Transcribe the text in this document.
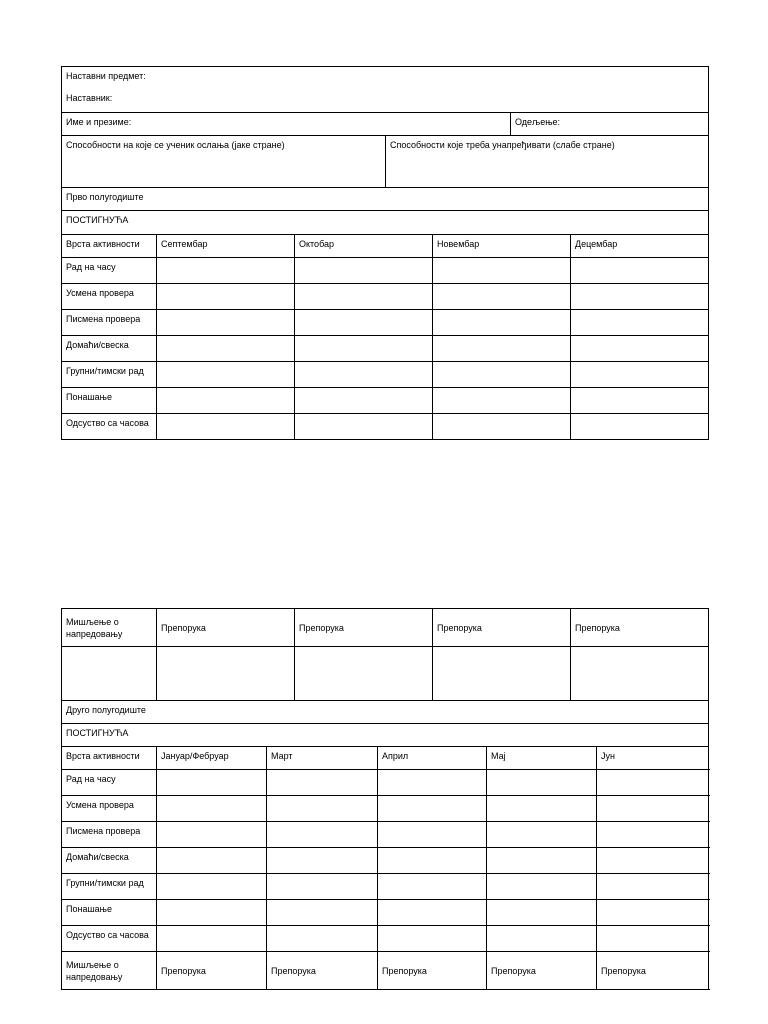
Наставни предмет:
Наставник:						

Име и презиме:					Одељење:	
Способности на које се ученик ослања (јаке стране)			Способности које треба унапређивати (слабе стране)			
Прво полугодиште						
ПОСТИГНУЋА						
Врста активности	Септембар	Октобар		Новембар		Децембар
Рад на часу						
Усмена провера						
Писмена провера						
Домаћи/свеска						
Групни/тимски рад						
Понашање						
Одсуство са часова						
Мишљење о напредовању	Препорука		Препорука		Препорука		Препорука	

Друго полугодиште								
ПОСТИГНУЋА								
Врста активности	Јануар/Фебруар	Март		Април		Мај		Јун
Рад на часу								
Усмена провера								
Писмена провера								
Домаћи/свеска								
Групни/тимски рад								
Понашање								
Одсуство са часова								
Мишљење о напредовању	Препорука	Препорука		Препорука		Препорука		Препорука
